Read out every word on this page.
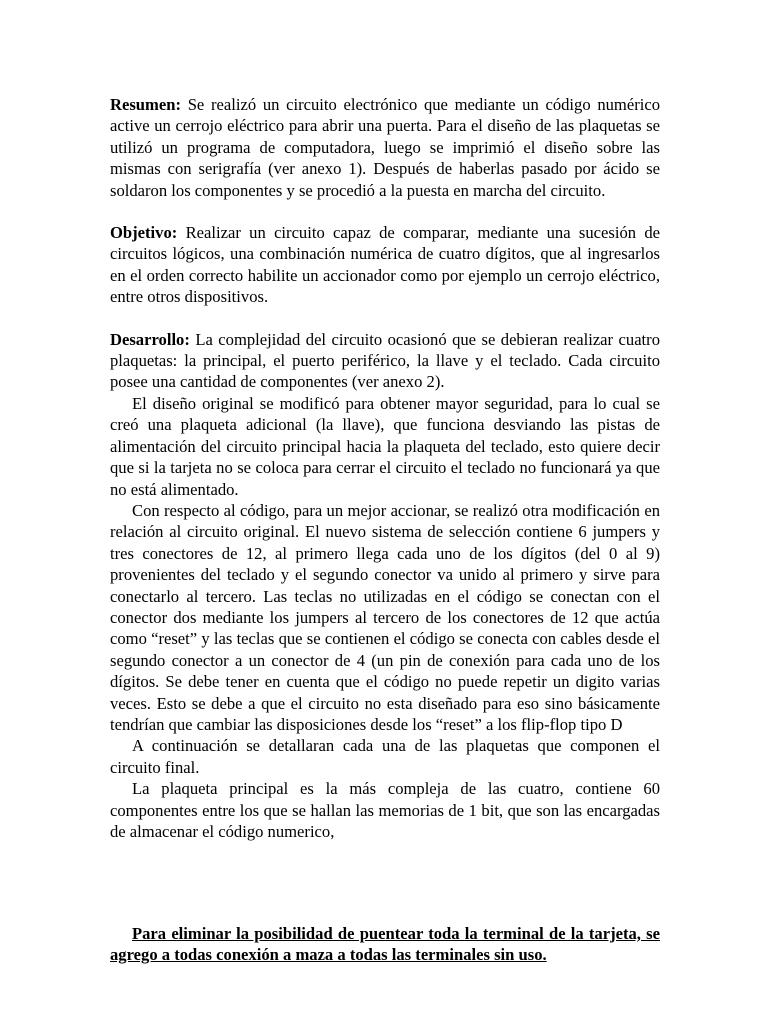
Resumen: Se realizó un circuito electrónico que mediante un código numérico active un cerrojo eléctrico para abrir una puerta. Para el diseño de las plaquetas se utilizó un programa de computadora, luego se imprimió el diseño sobre las mismas con serigrafía (ver anexo 1). Después de haberlas pasado por ácido se soldaron los componentes y se procedió a la puesta en marcha del circuito.

Objetivo: Realizar un circuito capaz de comparar, mediante una sucesión de circuitos lógicos, una combinación numérica de cuatro dígitos, que al ingresarlos en el orden correcto habilite un accionador como por ejemplo un cerrojo eléctrico, entre otros dispositivos.

Desarrollo: La complejidad del circuito ocasionó que se debieran realizar cuatro plaquetas: la principal, el puerto periférico, la llave y el teclado. Cada circuito posee una cantidad de componentes (ver anexo 2).

El diseño original se modificó para obtener mayor seguridad, para lo cual se creó una plaqueta adicional (la llave), que funciona desviando las pistas de alimentación del circuito principal hacia la plaqueta del teclado, esto quiere decir que si la tarjeta no se coloca para cerrar el circuito el teclado no funcionará ya que no está alimentado.

Con respecto al código, para un mejor accionar, se realizó otra modificación en relación al circuito original. El nuevo sistema de selección contiene 6 jumpers y tres conectores de 12, al primero llega cada uno de los dígitos (del 0 al 9) provenientes del teclado y el segundo conector va unido al primero y sirve para conectarlo al tercero. Las teclas no utilizadas en el código se conectan con el conector dos mediante los jumpers al tercero de los conectores de 12 que actúa como “reset” y las teclas que se contienen el código se conecta con cables desde el segundo conector a un conector de 4 (un pin de conexión para cada uno de los dígitos. Se debe tener en cuenta que el código no puede repetir un digito varias veces. Esto se debe a que el circuito no esta diseñado para eso sino básicamente tendrían que cambiar las disposiciones desde los “reset” a los flip-flop tipo D

A continuación se detallaran cada una de las plaquetas que componen el circuito final.

La plaqueta principal es la más compleja de las cuatro, contiene 60 componentes entre los que se hallan las memorias de 1 bit, que son las encargadas de almacenar el código numerico,

Para eliminar la posibilidad de puentear toda la terminal de la tarjeta, se agrego a todas conexión a maza a todas las terminales sin uso.
